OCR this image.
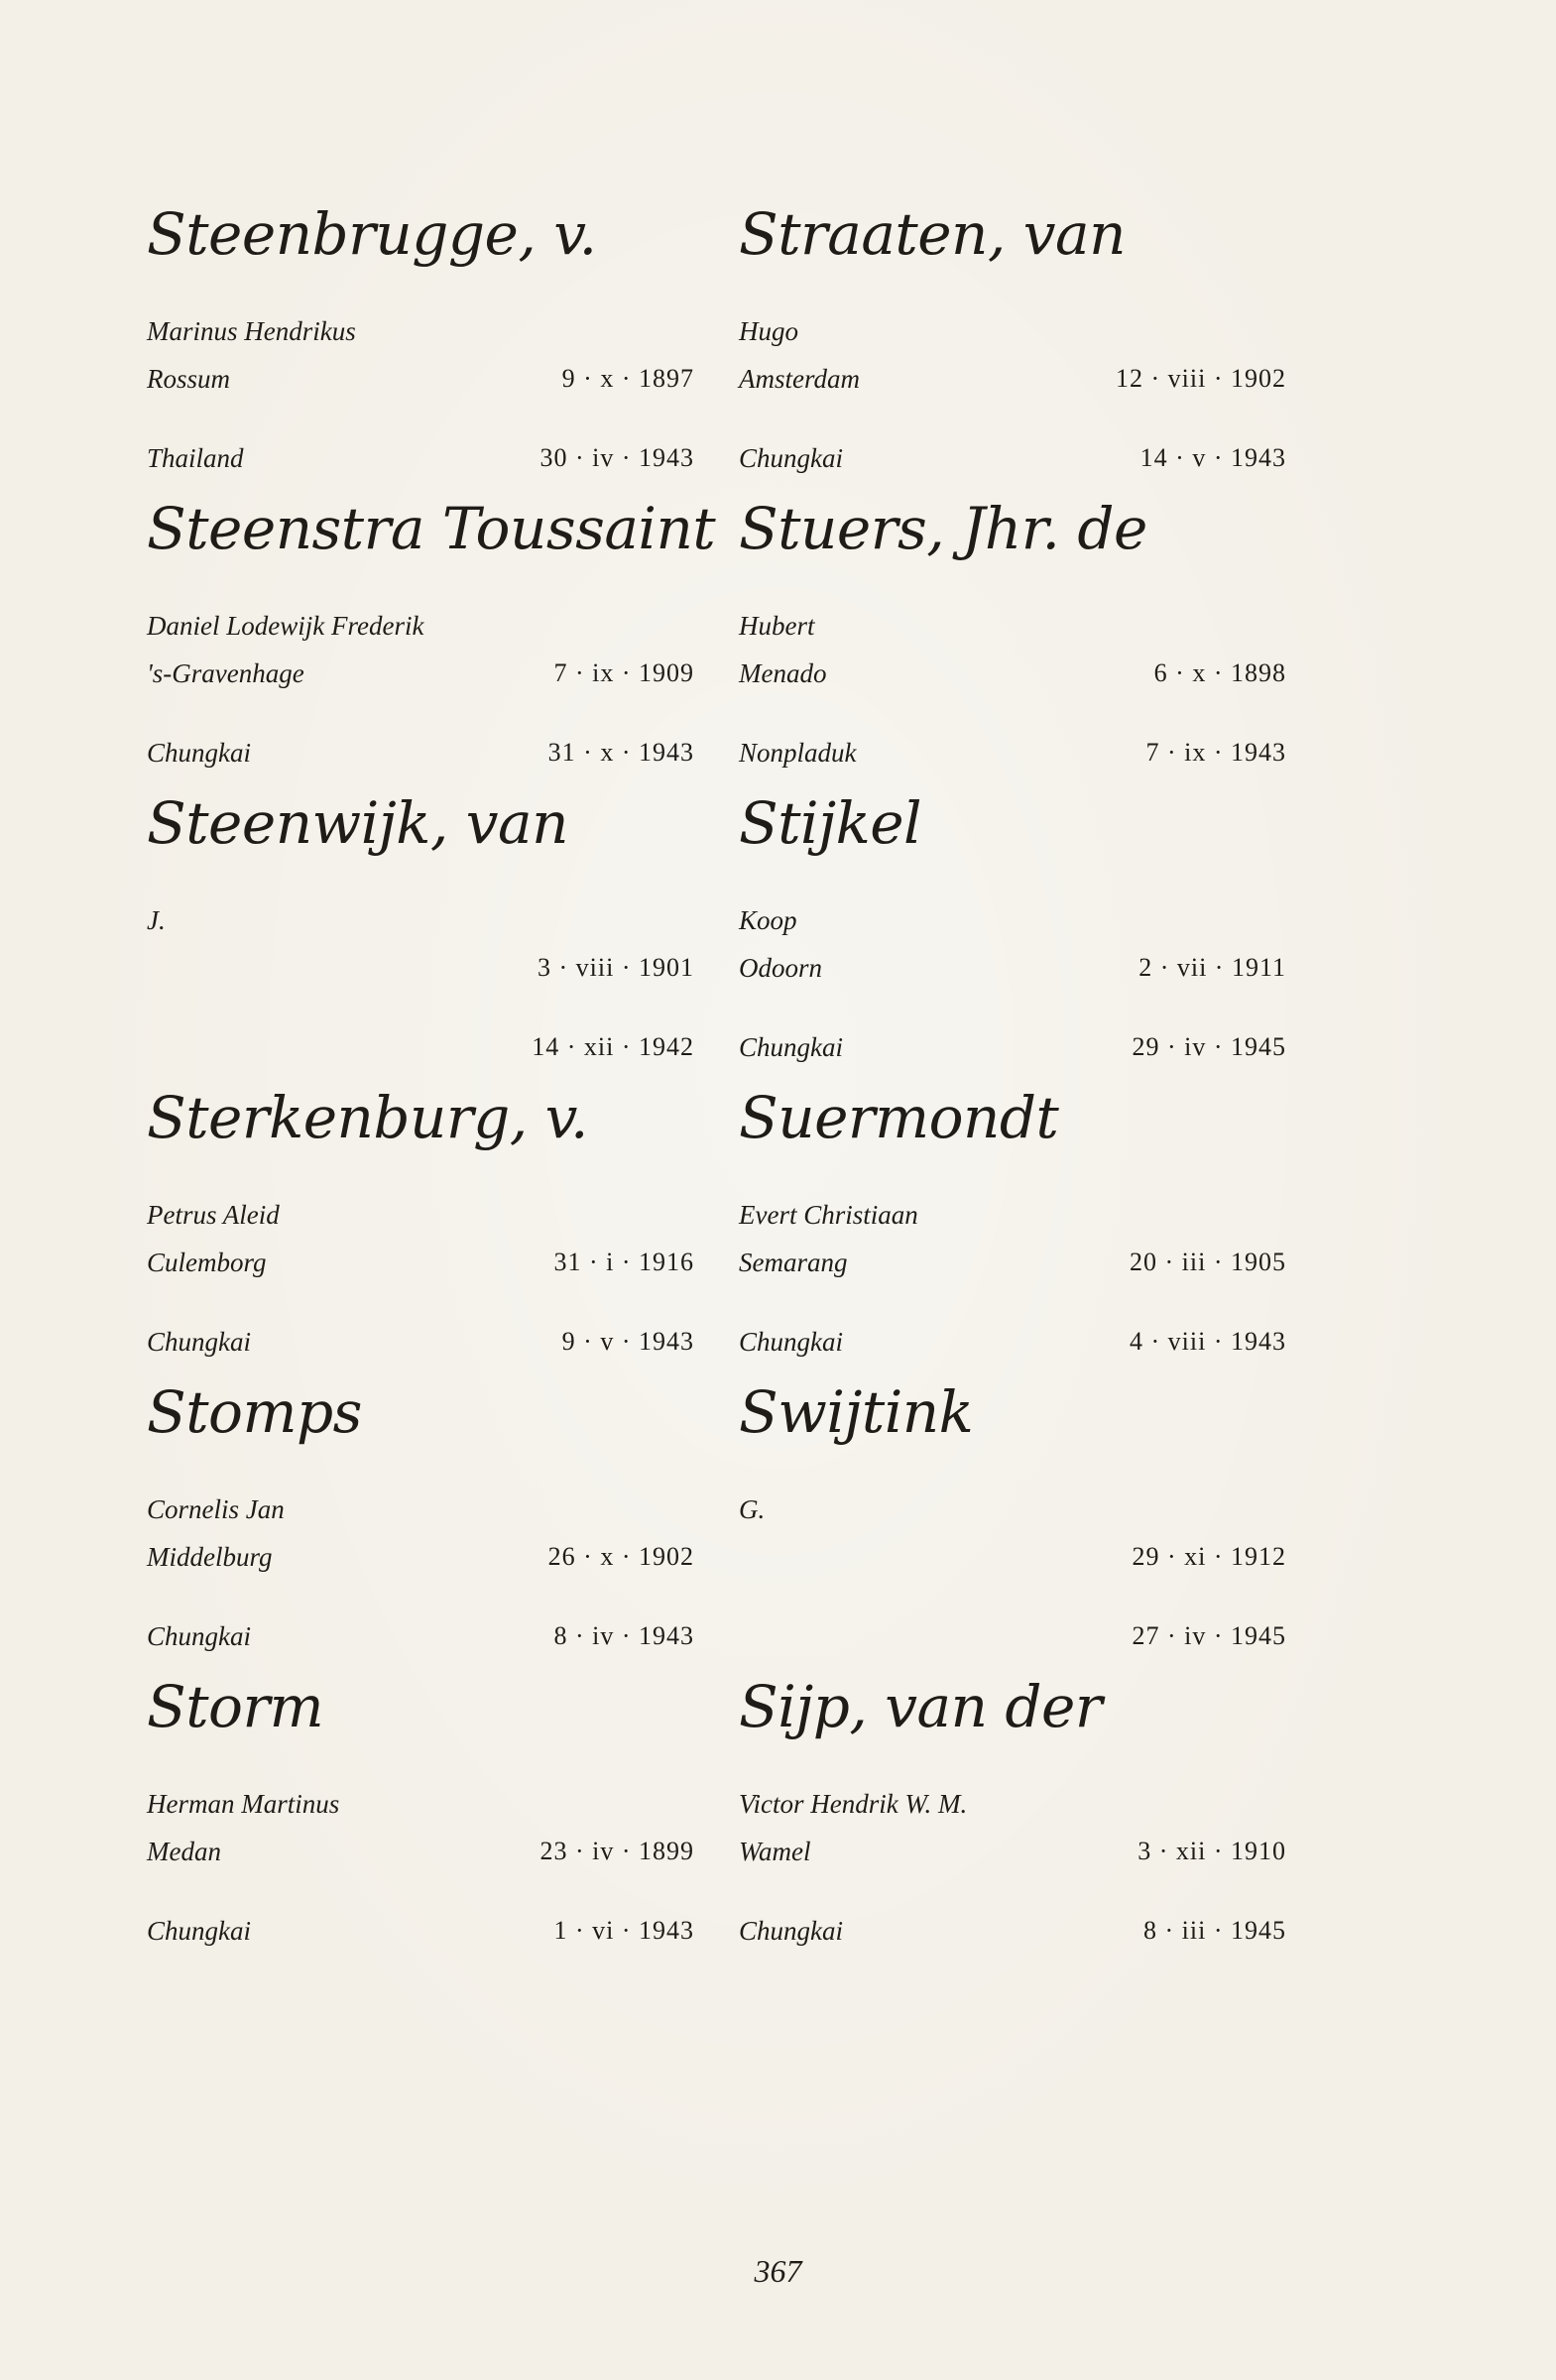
Steenbrugge, v.
Marinus Hendrikus
Rossum	9 · x · 1897
Thailand	30 · iv · 1943
Steenstra Toussaint
Daniel Lodewijk Frederik
's-Gravenhage	7 · ix · 1909
Chungkai	31 · x · 1943
Steenwijk, van
J.
3 · viii · 1901
14 · xii · 1942
Sterkenburg, v.
Petrus Aleid
Culemborg	31 · i · 1916
Chungkai	9 · v · 1943
Stomps
Cornelis Jan
Middelburg	26 · x · 1902
Chungkai	8 · iv · 1943
Storm
Herman Martinus
Medan	23 · iv · 1899
Chungkai	1 · vi · 1943
Straaten, van
Hugo
Amsterdam	12 · viii · 1902
Chungkai	14 · v · 1943
Stuers, Jhr. de
Hubert
Menado	6 · x · 1898
Nonpladuk	7 · ix · 1943
Stijkel
Koop
Odoorn	2 · vii · 1911
Chungkai	29 · iv · 1945
Suermondt
Evert Christiaan
Semarang	20 · iii · 1905
Chungkai	4 · viii · 1943
Swijtink
G.
29 · xi · 1912
27 · iv · 1945
Sijp, van der
Victor Hendrik W. M.
Wamel	3 · xii · 1910
Chungkai	8 · iii · 1945
367
